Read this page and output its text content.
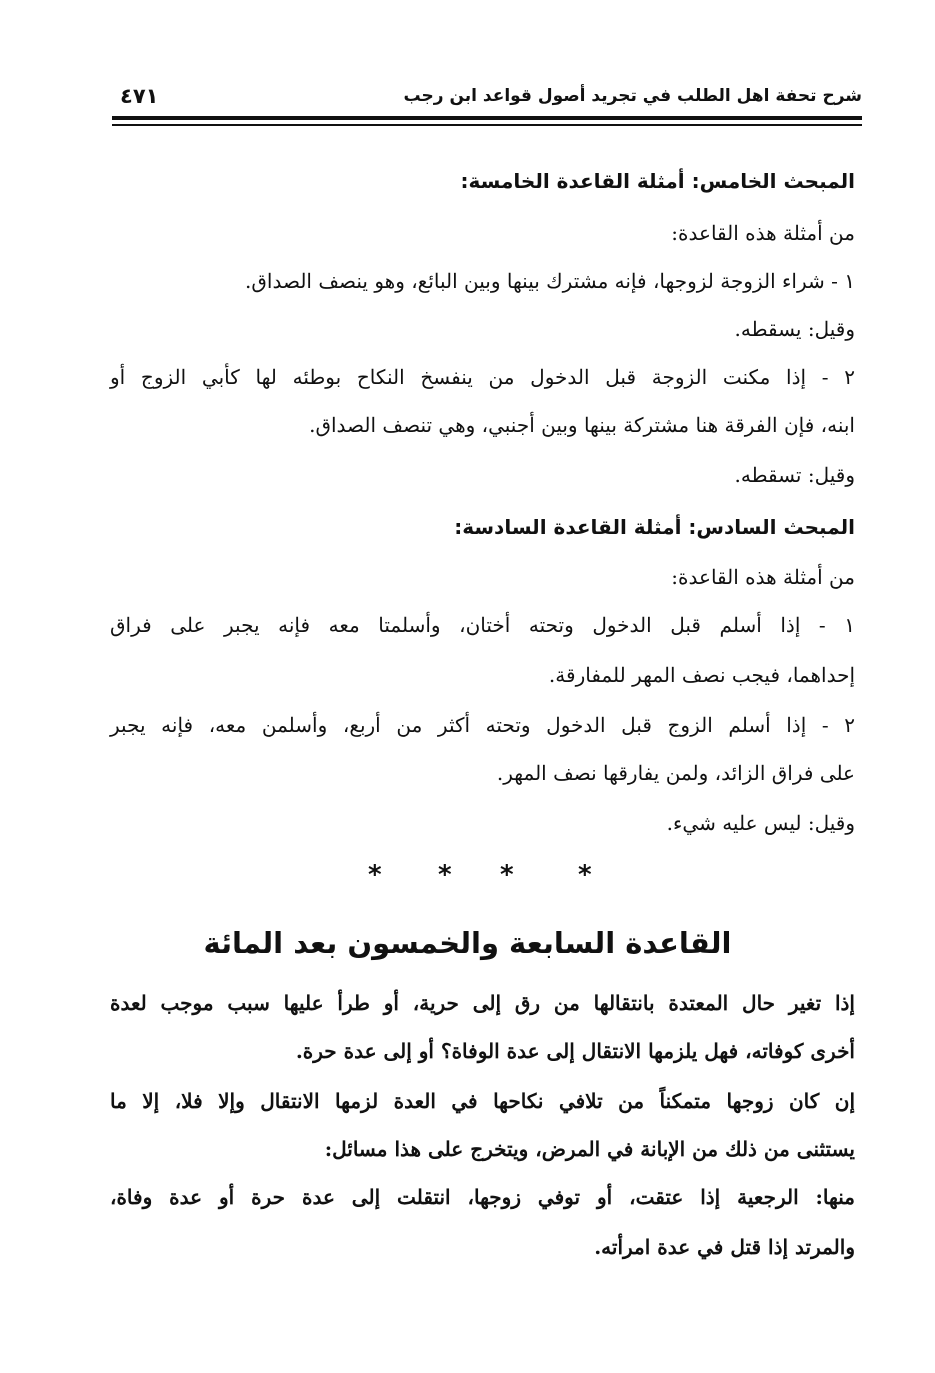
شرح تحفة اهل الطلب في تجريد أصول قواعد ابن رجب
٤٧١
المبحث الخامس: أمثلة القاعدة الخامسة:
من أمثلة هذه القاعدة:
١ - شراء الزوجة لزوجها، فإنه مشترك بينها وبين البائع، وهو ينصف الصداق.
وقيل: يسقطه.
٢ - إذا مكنت الزوجة قبل الدخول من ينفسخ النكاح بوطئه لها كأبي الزوج أو
ابنه، فإن الفرقة هنا مشتركة بينها وبين أجنبي، وهي تنصف الصداق.
وقيل: تسقطه.
المبحث السادس: أمثلة القاعدة السادسة:
من أمثلة هذه القاعدة:
١ - إذا أسلم قبل الدخول وتحته أختان، وأسلمتا معه فإنه يجبر على فراق
إحداهما، فيجب نصف المهر للمفارقة.
٢ - إذا أسلم الزوج قبل الدخول وتحته أكثر من أربع، وأسلمن معه، فإنه يجبر
على فراق الزائد، ولمن يفارقها نصف المهر.
وقيل: ليس عليه شيء.
* * * *
القاعدة السابعة والخمسون بعد المائة
إذا تغير حال المعتدة بانتقالها من رق إلى حرية، أو طرأ عليها سبب موجب لعدة
أخرى كوفاته، فهل يلزمها الانتقال إلى عدة الوفاة؟ أو إلى عدة حرة.
إن كان زوجها متمكناً من تلافي نكاحها في العدة لزمها الانتقال وإلا فلا، إلا ما
يستثنى من ذلك من الإبانة في المرض، ويتخرج على هذا مسائل:
منها: الرجعية إذا عتقت، أو توفي زوجها، انتقلت إلى عدة حرة أو عدة وفاة،
والمرتد إذا قتل في عدة امرأته.
